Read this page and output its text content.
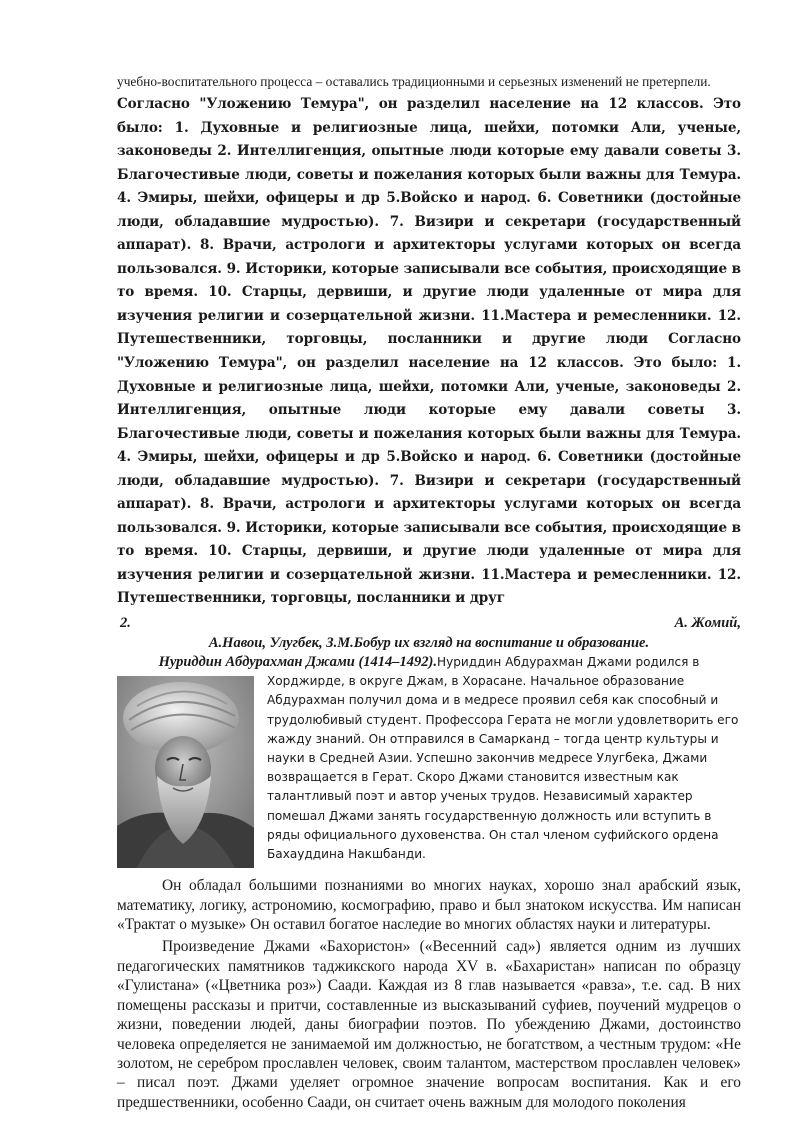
учебно-воспитательного процесса – оставались традиционными и серьезных изменений не претерпели.

Согласно "Уложению Темура", он разделил население на 12 классов. Это было: 1. Духовные и религиозные лица, шейхи, потомки Али, ученые, законоведы 2. Интеллигенция, опытные люди которые ему давали советы 3. Благочестивые люди, советы и пожелания которых были важны для Темура. 4. Эмиры, шейхи, офицеры и др 5.Войско и народ. 6. Советники (достойные люди, обладавшие мудростью). 7. Визири и секретари (государственный аппарат). 8. Врачи, астрологи и архитекторы услугами которых он всегда пользовался. 9. Историки, которые записывали все события, происходящие в то время. 10. Старцы, дервиши, и другие люди удаленные от мира для изучения религии и созерцательной жизни. 11.Мастера и ремесленники. 12. Путешественники, торговцы, посланники и другие люди Согласно "Уложению Темура", он разделил население на 12 классов. Это было: 1. Духовные и религиозные лица, шейхи, потомки Али, ученые, законоведы 2. Интеллигенция, опытные люди которые ему давали советы 3. Благочестивые люди, советы и пожелания которых были важны для Темура. 4. Эмиры, шейхи, офицеры и др 5.Войско и народ. 6. Советники (достойные люди, обладавшие мудростью). 7. Визири и секретари (государственный аппарат). 8. Врачи, астрологи и архитекторы услугами которых он всегда пользовался. 9. Историки, которые записывали все события, происходящие в то время. 10. Старцы, дервиши, и другие люди удаленные от мира для изучения религии и созерцательной жизни. 11.Мастера и ремесленники. 12. Путешественники, торговцы, посланники и друг

2.	А. Жомий,
А.Навои, Улугбек, З.М.Бобур их взгляд на воспитание и образование.

Нуриддин Абдурахман Джами (1414–1492).Нуриддин Абдурахман Джами родился в

Хорджирде, в округе Джам, в Хорасане. Начальное образование Абдурахман получил дома и в медресе проявил себя как способный и трудолюбивый студент. Профессора Герата не могли удовлетворить его жажду знаний. Он отправился в Самарканд – тогда центр культуры и науки в Средней Азии. Успешно закончив медресе Улугбека, Джами возвращается в Герат. Скоро Джами становится известным как талантливый поэт и автор ученых трудов. Независимый характер помешал Джами занять государственную должность или вступить в ряды официального духовенства. Он стал членом суфийского ордена Бахауддина Накшбанди.

Он обладал большими познаниями во многих науках, хорошо знал арабский язык, математику, логику, астрономию, космографию, право и был знатоком искусства. Им написан «Трактат о музыке» Он оставил богатое наследие во многих областях науки и литературы.

Произведение Джами «Бахористон» («Весенний сад») является одним из лучших педагогических памятников таджикского народа XV в. «Бахаристан» написан по образцу «Гулистана» («Цветника роз») Саади. Каждая из 8 глав называется «равза», т.е. сад. В них помещены рассказы и притчи, составленные из высказываний суфиев, поучений мудрецов о жизни, поведении людей, даны биографии поэтов. По убеждению Джами, достоинство человека определяется не занимаемой им должностью, не богатством, а честным трудом: «Не золотом, не серебром прославлен человек, своим талантом, мастерством прославлен человек» – писал поэт. Джами уделяет огромное значение вопросам воспитания. Как и его предшественники, особенно Саади, он считает очень важным для молодого поколения
